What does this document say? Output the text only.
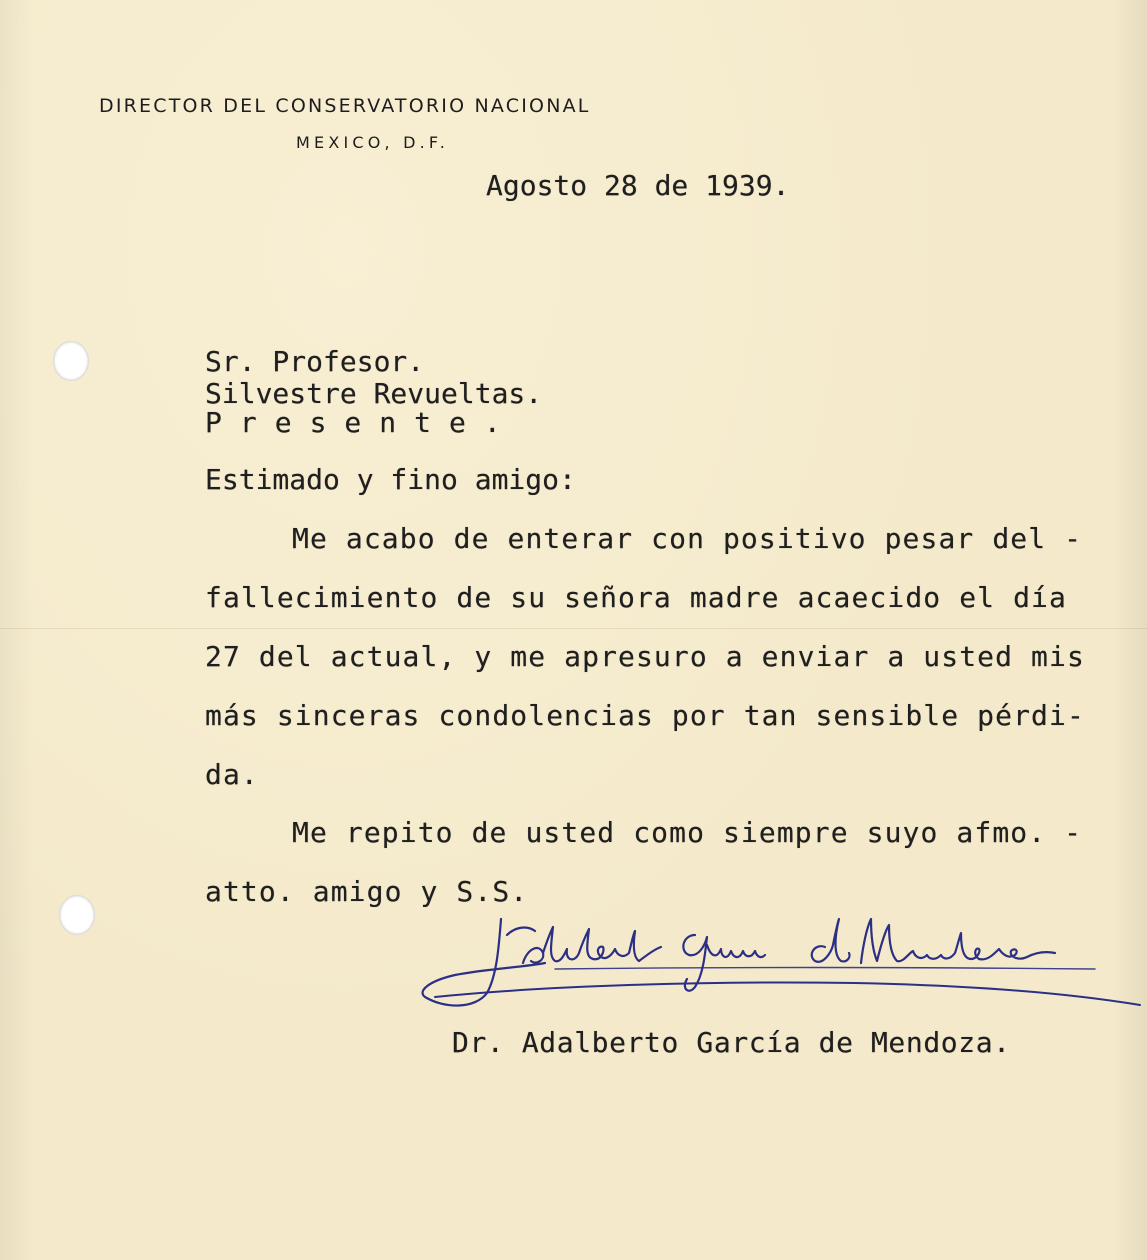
DIRECTOR DEL CONSERVATORIO NACIONAL
MEXICO, D.F.
Agosto 28 de 1939.
Sr. Profesor.
Silvestre Revueltas.
Presente.
Estimado y fino amigo:
Me acabo de enterar con positivo pesar del -
fallecimiento de su señora madre acaecido el día
27 del actual, y me apresuro a enviar a usted mis
más sinceras condolencias por tan sensible pérdi-
da.
Me repito de usted como siempre suyo afmo. -
atto. amigo y S.S.
Dr. Adalberto García de Mendoza.
